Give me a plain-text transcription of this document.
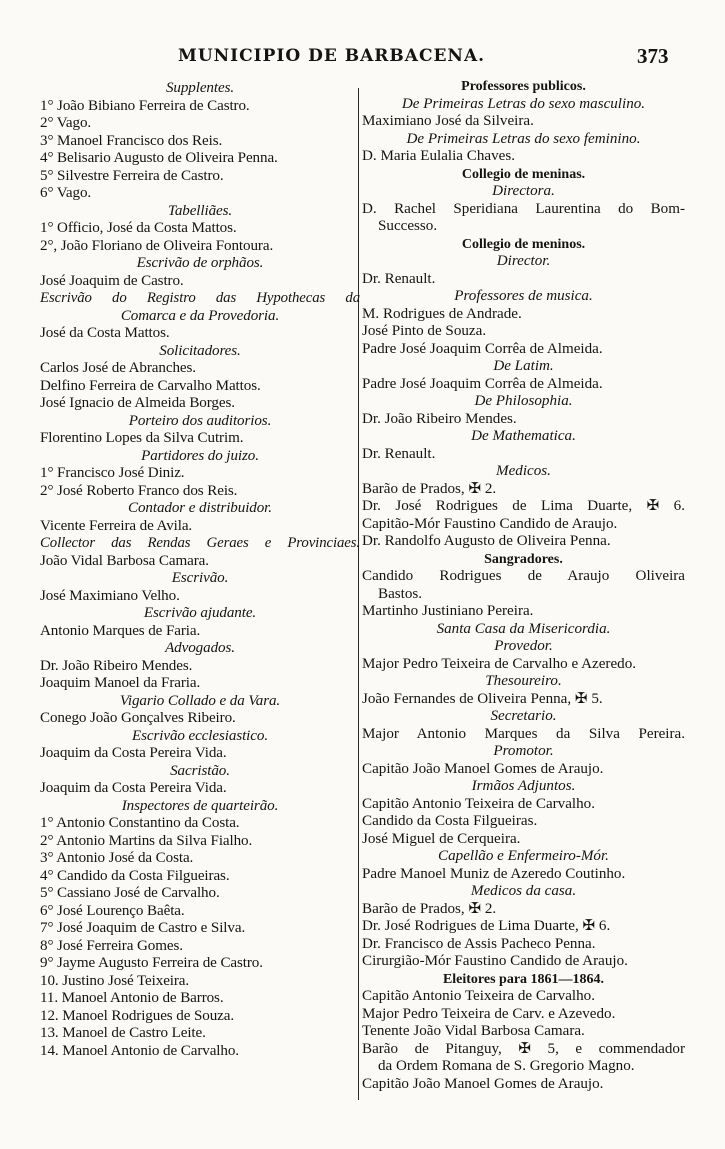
MUNICIPIO DE BARBACENA.	373
Supplentes.
1° João Bibiano Ferreira de Castro.
2° Vago.
3° Manoel Francisco dos Reis.
4° Belisario Augusto de Oliveira Penna.
5° Silvestre Ferreira de Castro.
6° Vago.
Tabelliães.
1° Officio, José da Costa Mattos.
2°, João Floriano de Oliveira Fontoura.
Escrivão de orphãos.
José Joaquim de Castro.
Escrivão do Registro das Hypothecas da
Comarca e da Provedoria.
José da Costa Mattos.
Solicitadores.
Carlos José de Abranches.
Delfino Ferreira de Carvalho Mattos.
José Ignacio de Almeida Borges.
Porteiro dos auditorios.
Florentino Lopes da Silva Cutrim.
Partidores do juizo.
1° Francisco José Diniz.
2° José Roberto Franco dos Reis.
Contador e distribuidor.
Vicente Ferreira de Avila.
Collector das Rendas Geraes e Provinciaes.
João Vidal Barbosa Camara.
Escrivão.
José Maximiano Velho.
Escrivão ajudante.
Antonio Marques de Faria.
Advogados.
Dr. João Ribeiro Mendes.
Joaquim Manoel da Fraria.
Vigario Collado e da Vara.
Conego João Gonçalves Ribeiro.
Escrivão ecclesiastico.
Joaquim da Costa Pereira Vida.
Sacristão.
Joaquim da Costa Pereira Vida.
Inspectores de quarteirão.
1° Antonio Constantino da Costa.
2° Antonio Martins da Silva Fialho.
3° Antonio José da Costa.
4° Candido da Costa Filgueiras.
5° Cassiano José de Carvalho.
6° José Lourenço Baêta.
7° José Joaquim de Castro e Silva.
8° José Ferreira Gomes.
9° Jayme Augusto Ferreira de Castro.
10. Justino José Teixeira.
11. Manoel Antonio de Barros.
12. Manoel Rodrigues de Souza.
13. Manoel de Castro Leite.
14. Manoel Antonio de Carvalho.
Professores publicos.
De Primeiras Letras do sexo masculino.
Maximiano José da Silveira.
De Primeiras Letras do sexo feminino.
D. Maria Eulalia Chaves.
Collegio de meninas.
Directora.
D. Rachel Speridiana Laurentina do Bom-
Successo.
Collegio de meninos.
Director.
Dr. Renault.
Professores de musica.
M. Rodrigues de Andrade.
José Pinto de Souza.
Padre José Joaquim Corrêa de Almeida.
De Latim.
Padre José Joaquim Corrêa de Almeida.
De Philosophia.
Dr. João Ribeiro Mendes.
De Mathematica.
Dr. Renault.
Medicos.
Barão de Prados, ✠ 2.
Dr. José Rodrigues de Lima Duarte, ✠ 6.
Capitão-Mór Faustino Candido de Araujo.
Dr. Randolfo Augusto de Oliveira Penna.
Sangradores.
Candido Rodrigues de Araujo Oliveira
Bastos.
Martinho Justiniano Pereira.
Santa Casa da Misericordia.
Provedor.
Major Pedro Teixeira de Carvalho e Azeredo.
Thesoureiro.
João Fernandes de Oliveira Penna, ✠ 5.
Secretario.
Major Antonio Marques da Silva Pereira.
Promotor.
Capitão João Manoel Gomes de Araujo.
Irmãos Adjuntos.
Capitão Antonio Teixeira de Carvalho.
Candido da Costa Filgueiras.
José Miguel de Cerqueira.
Capellão e Enfermeiro-Mór.
Padre Manoel Muniz de Azeredo Coutinho.
Medicos da casa.
Barão de Prados, ✠ 2.
Dr. José Rodrigues de Lima Duarte, ✠ 6.
Dr. Francisco de Assis Pacheco Penna.
Cirurgião-Mór Faustino Candido de Araujo.
Eleitores para 1861—1864.
Capitão Antonio Teixeira de Carvalho.
Major Pedro Teixeira de Carv. e Azevedo.
Tenente João Vidal Barbosa Camara.
Barão de Pitanguy, ✠ 5, e commendador
da Ordem Romana de S. Gregorio Magno.
Capitão João Manoel Gomes de Araujo.
